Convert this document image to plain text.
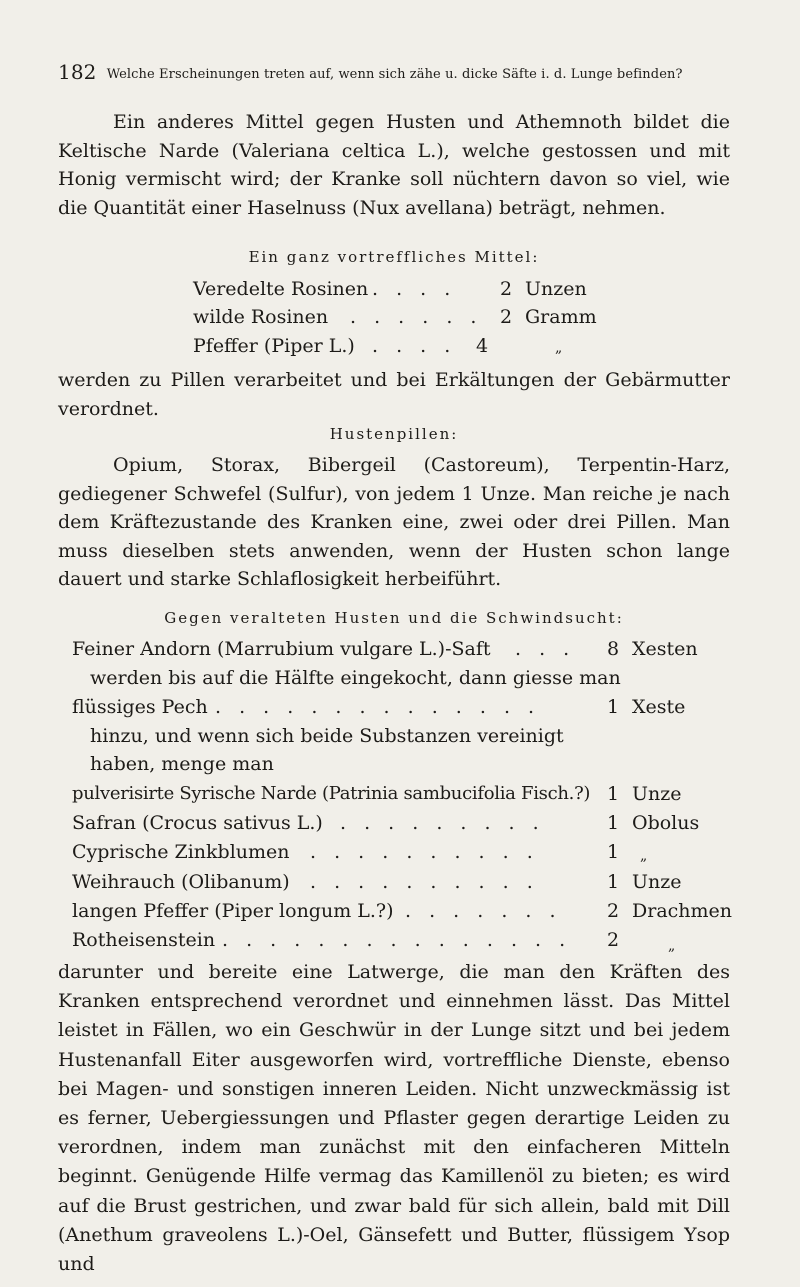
182 Welche Erscheinungen treten auf, wenn sich zähe u. dicke Säfte i. d. Lunge befinden?
Ein anderes Mittel gegen Husten und Athemnoth bildet die Keltische Narde (Valeriana celtica L.), welche gestossen und mit Honig vermischt wird; der Kranke soll nüchtern davon so viel, wie die Quantität einer Haselnuss (Nux avellana) beträgt, nehmen.
Ein ganz vortreffliches Mittel:
Veredelte Rosinen . . . .	2 Unzen
wilde Rosinen . . . . . . 2 Gramm
Pfeffer (Piper L.) . . . .	4	„
werden zu Pillen verarbeitet und bei Erkältungen der Gebärmutter verordnet.
Hustenpillen:
Opium, Storax, Bibergeil (Castoreum), Terpentin-Harz, gediegener Schwefel (Sulfur), von jedem 1 Unze. Man reiche je nach dem Kräftezustande des Kranken eine, zwei oder drei Pillen. Man muss dieselben stets anwenden, wenn der Husten schon lange dauert und starke Schlaflosigkeit herbeiführt.
Gegen veralteten Husten und die Schwindsucht:
Feiner Andorn (Marrubium vulgare L.)-Saft . . .	8 Xesten
werden bis auf die Hälfte eingekocht, dann giesse man
flüssiges Pech . . . . . . . . . . . . . .	1 Xeste
hinzu, und wenn sich beide Substanzen vereinigt
haben, menge man
pulverisirte Syrische Narde (Patrinia sambucifolia Fisch.?) 1 Unze
Safran (Crocus sativus L.) . . . . . . . . .	1 Obolus
Cyprische Zinkblumen . . . . . . . . . .	1 „
Weihrauch (Olibanum) . . . . . . . . . .	1 Unze
langen Pfeffer (Piper longum L.?) . . . . . . .	2 Drachmen
Rotheisenstein . . . . . . . . . . . . . . .	2	„
darunter und bereite eine Latwerge, die man den Kräften des Kranken entsprechend verordnet und einnehmen lässt. Das Mittel leistet in Fällen, wo ein Geschwür in der Lunge sitzt und bei jedem Hustenanfall Eiter ausgeworfen wird, vortreffliche Dienste, ebenso bei Magen- und sonstigen inneren Leiden. Nicht unzweckmässig ist es ferner, Uebergiessungen und Pflaster gegen derartige Leiden zu verordnen, indem man zunächst mit den einfacheren Mitteln beginnt. Genügende Hilfe vermag das Kamillenöl zu bieten; es wird auf die Brust gestrichen, und zwar bald für sich allein, bald mit Dill (Anethum graveolens L.)-Oel, Gänsefett und Butter, flüssigem Ysop und
